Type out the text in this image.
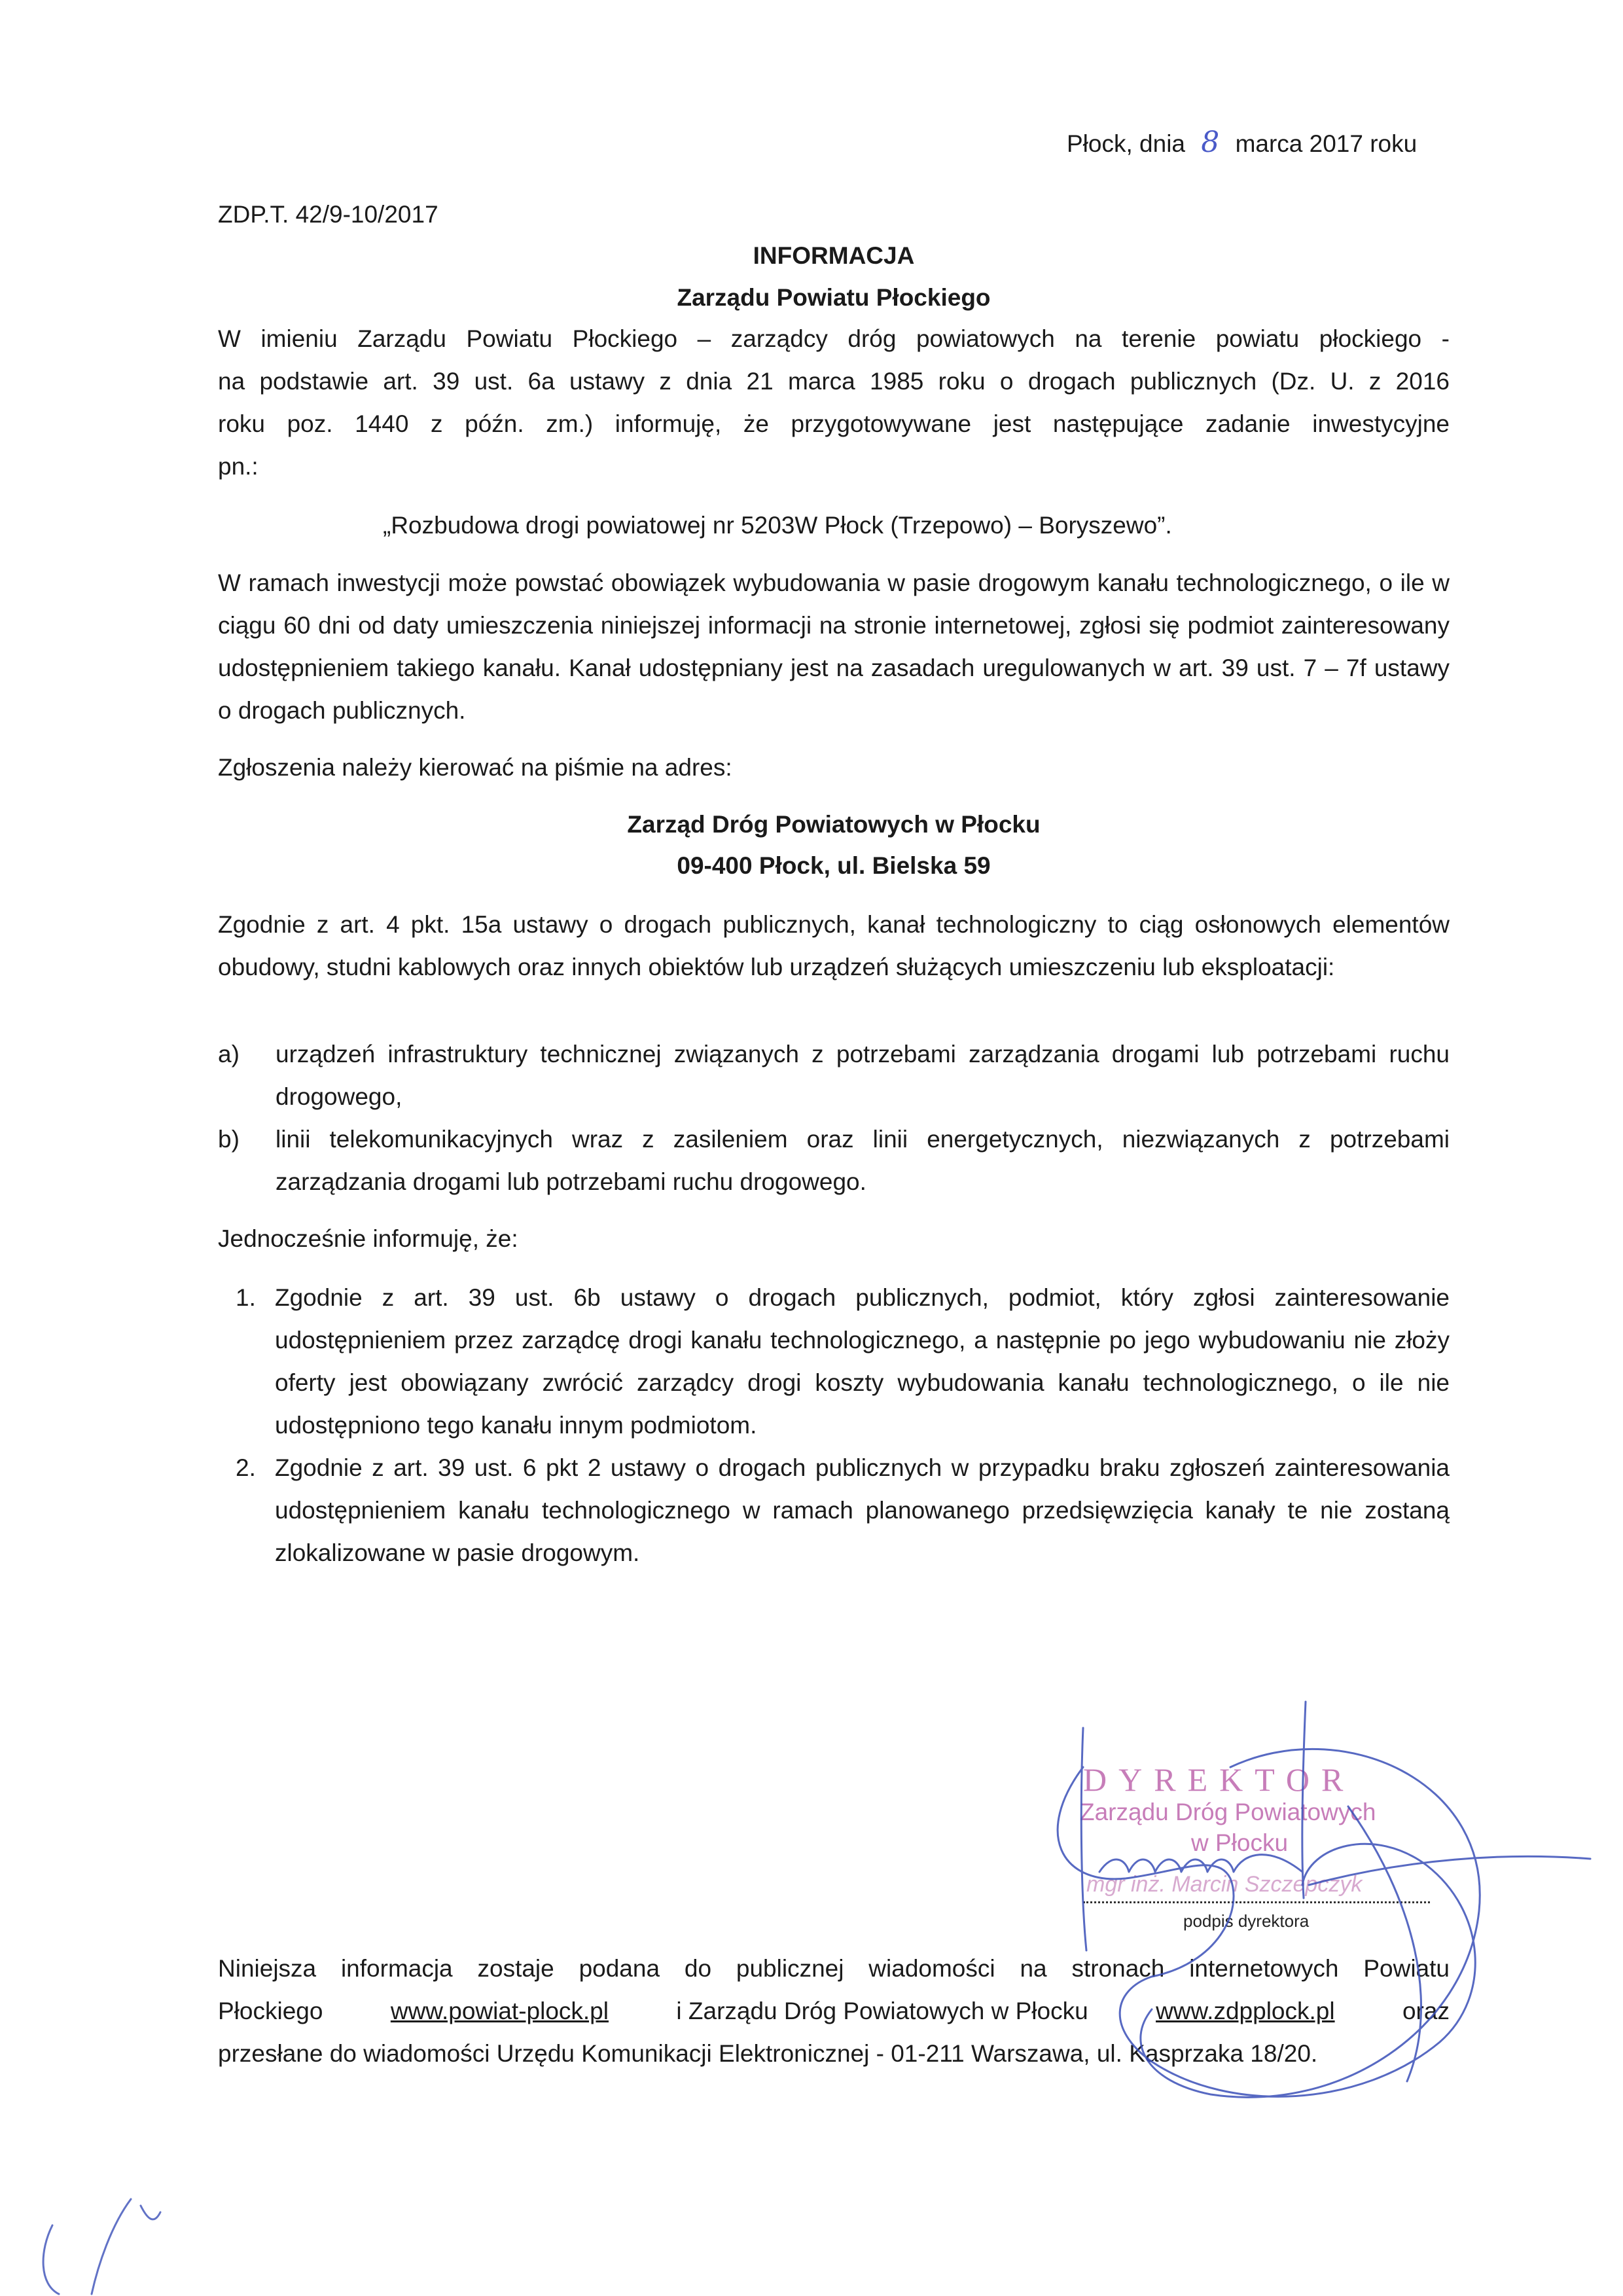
Płock, dnia 8 marca 2017 roku
ZDP.T. 42/9-10/2017
INFORMACJA
Zarządu Powiatu Płockiego
W imieniu Zarządu Powiatu Płockiego – zarządcy dróg powiatowych na terenie powiatu płockiego -
na podstawie art. 39 ust. 6a ustawy z dnia 21 marca 1985 roku o drogach publicznych (Dz. U. z 2016
roku poz. 1440 z późn. zm.) informuję, że przygotowywane jest następujące zadanie inwestycyjne
pn.:
„Rozbudowa drogi powiatowej nr 5203W Płock (Trzepowo) – Boryszewo”.
W ramach inwestycji może powstać obowiązek wybudowania w pasie drogowym kanału technologicznego, o ile w ciągu 60 dni od daty umieszczenia niniejszej informacji na stronie internetowej, zgłosi się podmiot zainteresowany udostępnieniem takiego kanału. Kanał udostępniany jest na zasadach uregulowanych w art. 39 ust. 7 – 7f ustawy o drogach publicznych.
Zgłoszenia należy kierować na piśmie na adres:
Zarząd Dróg Powiatowych w Płocku
09-400 Płock, ul. Bielska 59
Zgodnie z art. 4 pkt. 15a ustawy o drogach publicznych, kanał technologiczny to ciąg osłonowych elementów obudowy, studni kablowych oraz innych obiektów lub urządzeń służących umieszczeniu lub eksploatacji:
a)	urządzeń infrastruktury technicznej związanych z potrzebami zarządzania drogami lub potrzebami ruchu drogowego,
b)	linii telekomunikacyjnych wraz z zasileniem oraz linii energetycznych, niezwiązanych z potrzebami zarządzania drogami lub potrzebami ruchu drogowego.
Jednocześnie informuję, że:
1. Zgodnie z art. 39 ust. 6b ustawy o drogach publicznych, podmiot, który zgłosi zainteresowanie udostępnieniem przez zarządcę drogi kanału technologicznego, a następnie po jego wybudowaniu nie złoży oferty jest obowiązany zwrócić zarządcy drogi koszty wybudowania kanału technologicznego, o ile nie udostępniono tego kanału innym podmiotom.
2. Zgodnie z art. 39 ust. 6 pkt 2 ustawy o drogach publicznych w przypadku braku zgłoszeń zainteresowania udostępnieniem kanału technologicznego w ramach planowanego przedsięwzięcia kanały te nie zostaną zlokalizowane w pasie drogowym.
DYREKTOR
Zarządu Dróg Powiatowych
w Płocku
mgr inż. Marcin Szczepczyk
podpis dyrektora
Niniejsza informacja zostaje podana do publicznej wiadomości na stronach internetowych Powiatu
Płockiego	www.powiat-plock.pl	i Zarządu Dróg Powiatowych w Płocku	www.zdpplock.pl	oraz
przesłane do wiadomości Urzędu Komunikacji Elektronicznej - 01-211 Warszawa, ul. Kasprzaka 18/20.
